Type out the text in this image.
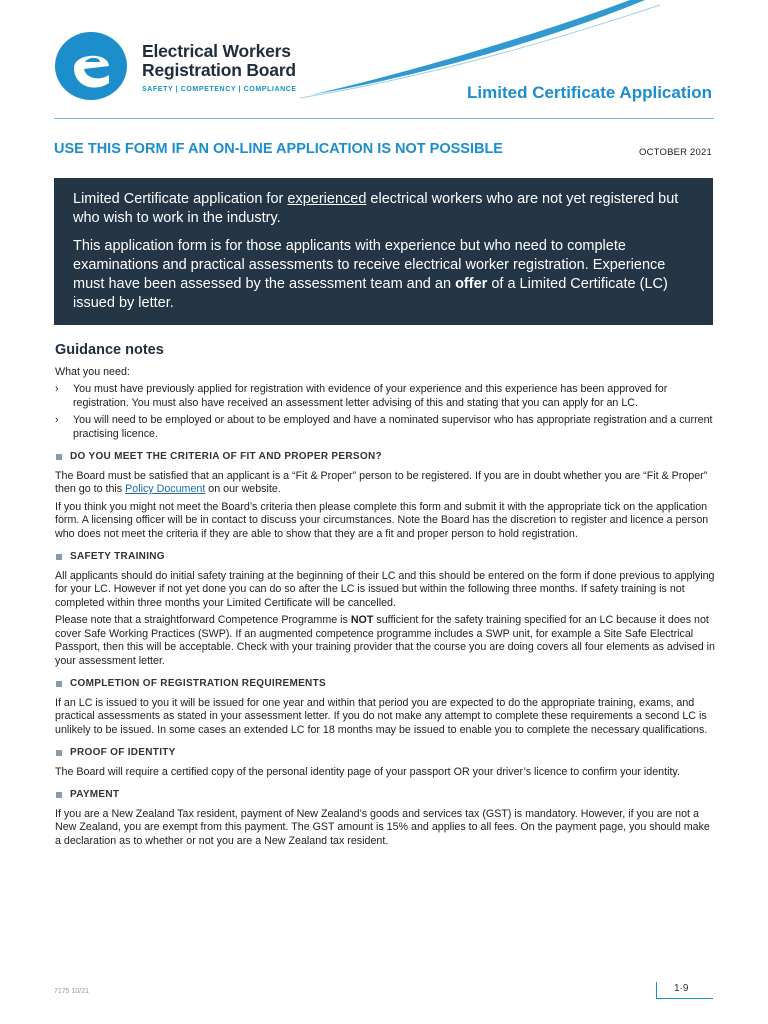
Electrical Workers
Registration Board
SAFETY | COMPETENCY | COMPLIANCE	Limited Certificate Application
USE THIS FORM IF AN ON-LINE APPLICATION IS NOT POSSIBLE	OCTOBER 2021

Limited Certificate application for experienced electrical workers who are not yet registered but who wish to work in the industry.

This application form is for those applicants with experience but who need to complete examinations and practical assessments to receive electrical worker registration. Experience must have been assessed by the assessment team and an offer of a Limited Certificate (LC) issued by letter.

Guidance notes

What you need:

› You must have previously applied for registration with evidence of your experience and this experience has been approved for registration. You must also have received an assessment letter advising of this and stating that you can apply for an LC.
› You will need to be employed or about to be employed and have a nominated supervisor who has appropriate registration and a current practising licence.
DO YOU MEET THE CRITERIA OF FIT AND PROPER PERSON?

The Board must be satisfied that an applicant is a “Fit & Proper” person to be registered. If you are in doubt whether you are “Fit & Proper” then go to this Policy Document on our website.

If you think you might not meet the Board’s criteria then please complete this form and submit it with the appropriate tick on the application form. A licensing officer will be in contact to discuss your circumstances. Note the Board has the discretion to register and licence a person who does not meet the criteria if they are able to show that they are a fit and proper person to hold registration.

SAFETY TRAINING

All applicants should do initial safety training at the beginning of their LC and this should be entered on the form if done previous to applying for your LC. However if not yet done you can do so after the LC is issued but within the following three months. If safety training is not completed within three months your Limited Certificate will be cancelled.

Please note that a straightforward Competence Programme is NOT sufficient for the safety training specified for an LC because it does not cover Safe Working Practices (SWP). If an augmented competence programme includes a SWP unit, for example a Site Safe Electrical Passport, then this will be acceptable. Check with your training provider that the course you are doing covers all four elements as advised in your assessment letter.

COMPLETION OF REGISTRATION REQUIREMENTS

If an LC is issued to you it will be issued for one year and within that period you are expected to do the appropriate training, exams, and practical assessments as stated in your assessment letter. If you do not make any attempt to complete these requirements a second LC is unlikely to be issued. In some cases an extended LC for 18 months may be issued to enable you to complete the necessary qualifications.

PROOF OF IDENTITY

The Board will require a certified copy of the personal identity page of your passport OR your driver’s licence to confirm your identity.

PAYMENT

If you are a New Zealand Tax resident, payment of New Zealand’s goods and services tax (GST) is mandatory. However, if you are not a New Zealand, you are exempt from this payment. The GST amount is 15% and applies to all fees. On the payment page, you should make a declaration as to whether or not you are a New Zealand tax resident.

7175 10/21	1·9
